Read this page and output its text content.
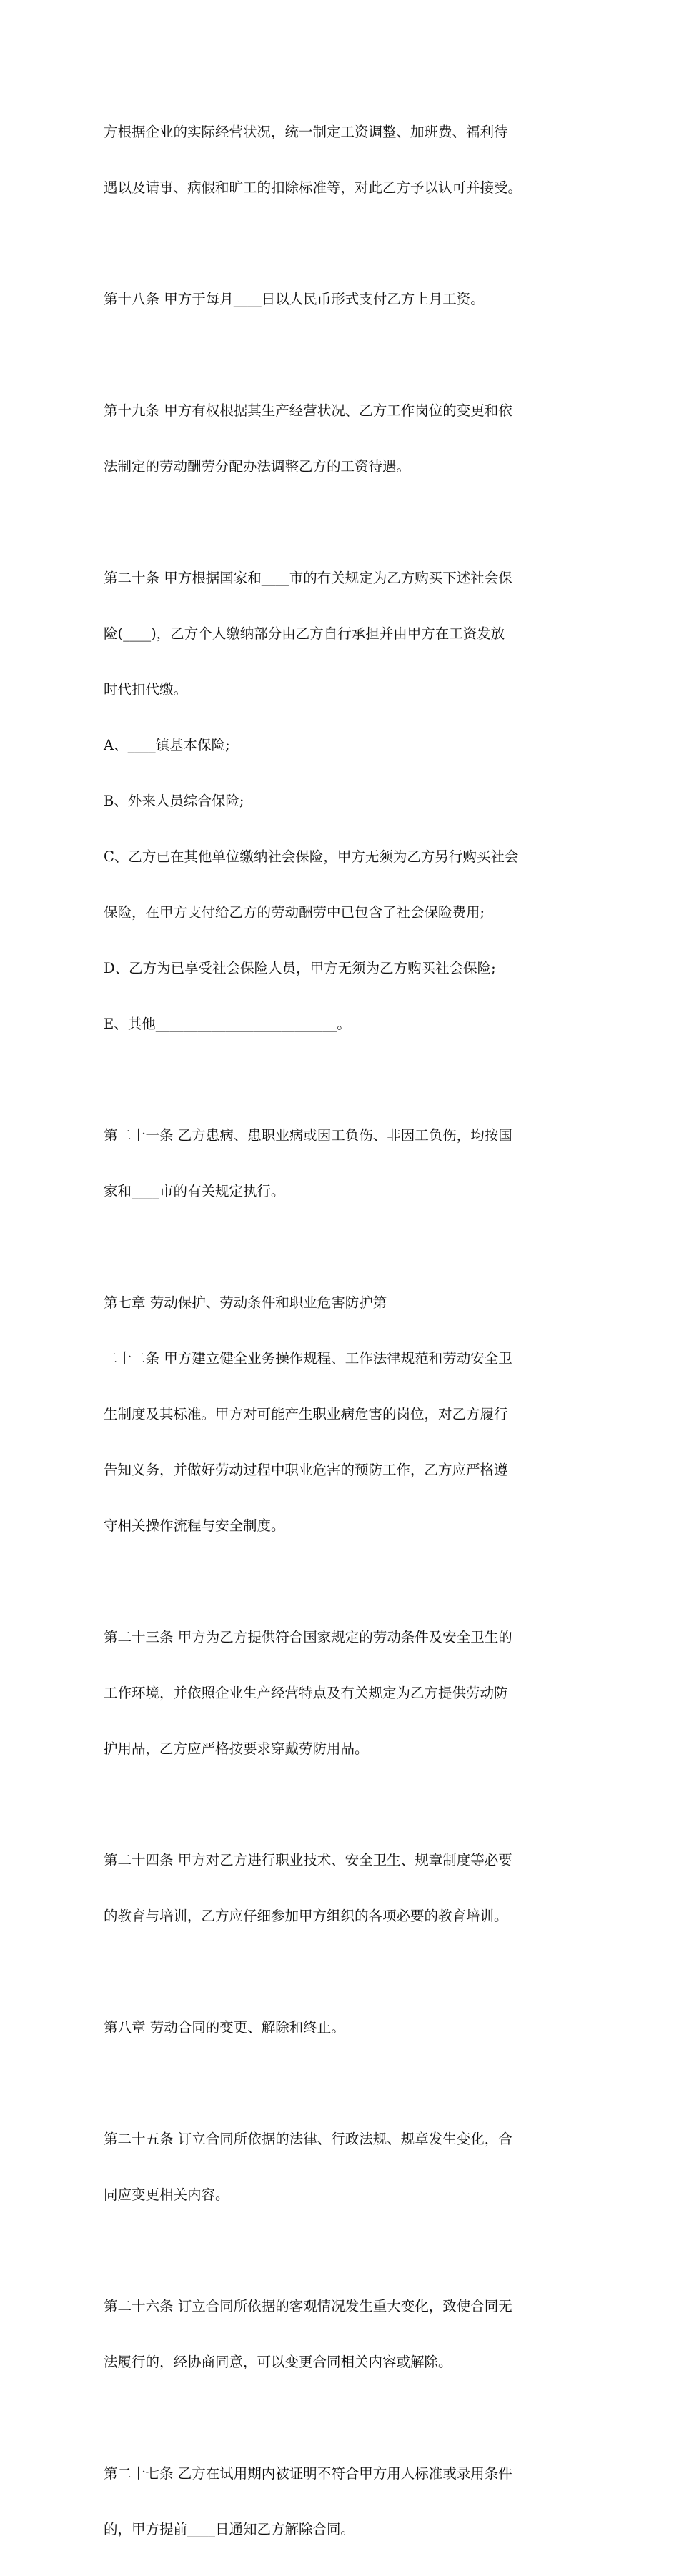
方根据企业的实际经营状况，统一制定工资调整、加班费、福利待

遇以及请事、病假和旷工的扣除标准等，对此乙方予以认可并接受。

第十八条 甲方于每月____日以人民币形式支付乙方上月工资。

第十九条 甲方有权根据其生产经营状况、乙方工作岗位的变更和依

法制定的劳动酬劳分配办法调整乙方的工资待遇。

第二十条 甲方根据国家和____市的有关规定为乙方购买下述社会保

险(____)，乙方个人缴纳部分由乙方自行承担并由甲方在工资发放

时代扣代缴。

A、____镇基本保险;

B、外来人员综合保险;

C、乙方已在其他单位缴纳社会保险，甲方无须为乙方另行购买社会

保险，在甲方支付给乙方的劳动酬劳中已包含了社会保险费用;

D、乙方为已享受社会保险人员，甲方无须为乙方购买社会保险;

E、其他__________________________。

第二十一条 乙方患病、患职业病或因工负伤、非因工负伤，均按国

家和____市的有关规定执行。

第七章 劳动保护、劳动条件和职业危害防护第

二十二条 甲方建立健全业务操作规程、工作法律规范和劳动安全卫

生制度及其标准。甲方对可能产生职业病危害的岗位，对乙方履行

告知义务，并做好劳动过程中职业危害的预防工作，乙方应严格遵

守相关操作流程与安全制度。

第二十三条 甲方为乙方提供符合国家规定的劳动条件及安全卫生的

工作环境，并依照企业生产经营特点及有关规定为乙方提供劳动防

护用品，乙方应严格按要求穿戴劳防用品。

第二十四条 甲方对乙方进行职业技术、安全卫生、规章制度等必要

的教育与培训，乙方应仔细参加甲方组织的各项必要的教育培训。

第八章 劳动合同的变更、解除和终止。

第二十五条 订立合同所依据的法律、行政法规、规章发生变化，合

同应变更相关内容。

第二十六条 订立合同所依据的客观情况发生重大变化，致使合同无

法履行的，经协商同意，可以变更合同相关内容或解除。

第二十七条 乙方在试用期内被证明不符合甲方用人标准或录用条件

的，甲方提前____日通知乙方解除合同。
